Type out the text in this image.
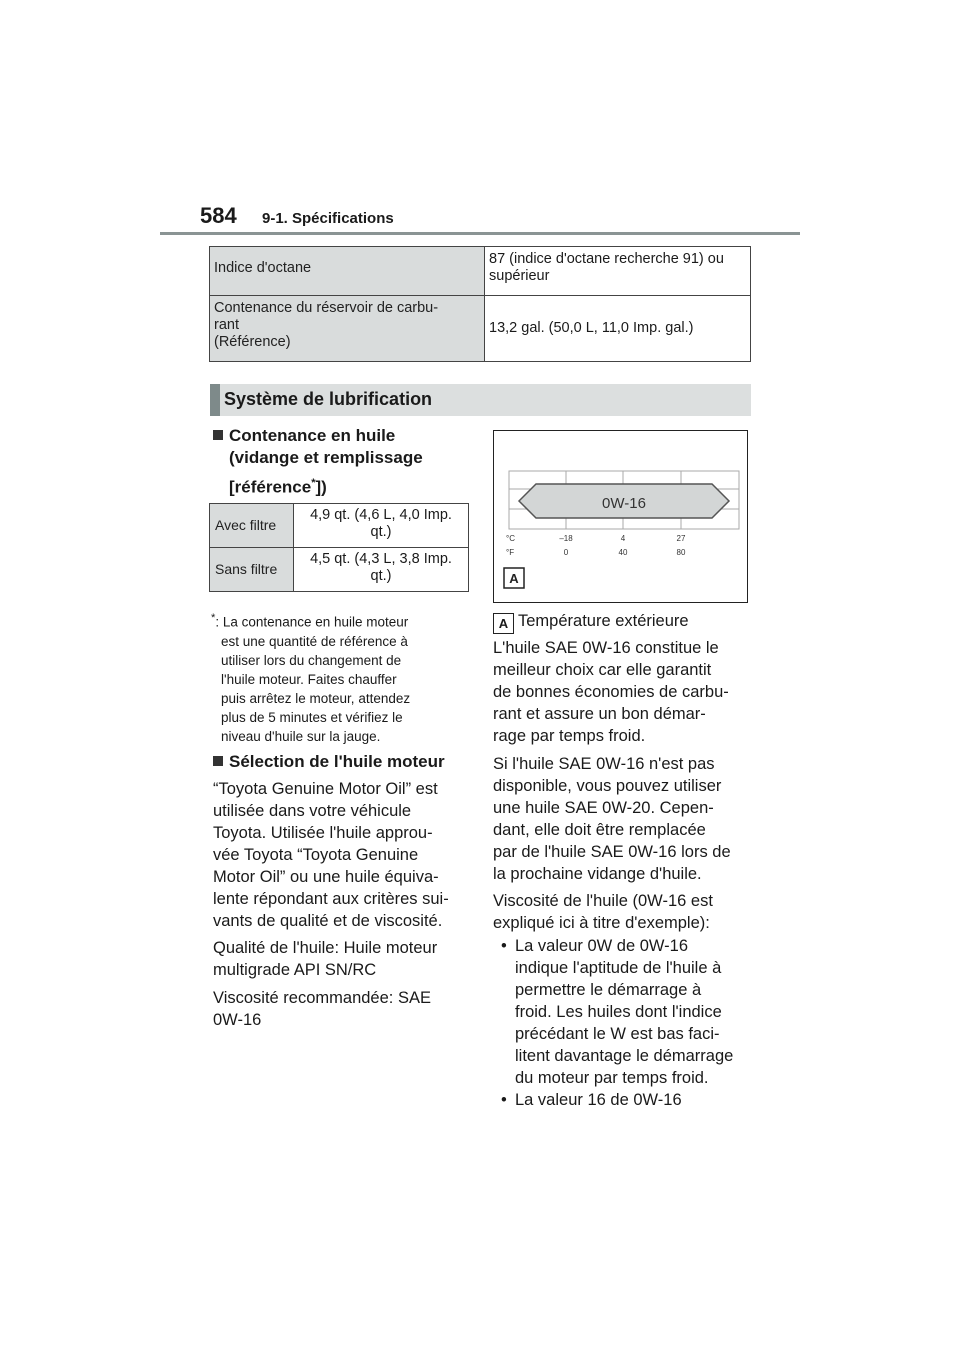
584 9-1. Spécifications
Indice d'octane	87 (indice d'octane recherche 91) ou
supérieur

Contenance du réservoir de carbu-
rant
(Référence)	13,2 gal. (50,0 L, 11,0 Imp. gal.)
Système de lubrification
Contenance en huile
(vidange et remplissage
[référence*])
Avec filtre	4,9 qt. (4,6 L, 4,0 Imp.
qt.)

Sans filtre	4,5 qt. (4,3 L, 3,8 Imp.
qt.)
*: La contenance en huile moteur
est une quantité de référence à
utiliser lors du changement de
l'huile moteur. Faites chauffer
puis arrêtez le moteur, attendez
plus de 5 minutes et vérifiez le
niveau d'huile sur la jauge.
Sélection de l'huile moteur
“Toyota Genuine Motor Oil” est
utilisée dans votre véhicule
Toyota. Utilisée l'huile approu-
vée Toyota “Toyota Genuine
Motor Oil” ou une huile équiva-
lente répondant aux critères sui-
vants de qualité et de viscosité.
Qualité de l'huile: Huile moteur
multigrade API SN/RC
Viscosité recommandée: SAE
0W-16
0W-16
°C	–18	4	27
°F	0	40	80
A
A Température extérieure
L'huile SAE 0W-16 constitue le
meilleur choix car elle garantit
de bonnes économies de carbu-
rant et assure un bon démar-
rage par temps froid.
Si l'huile SAE 0W-16 n'est pas
disponible, vous pouvez utiliser
une huile SAE 0W-20. Cepen-
dant, elle doit être remplacée
par de l'huile SAE 0W-16 lors de
la prochaine vidange d'huile.
Viscosité de l'huile (0W-16 est
expliqué ici à titre d'exemple):
• La valeur 0W de 0W-16
indique l'aptitude de l'huile à
permettre le démarrage à
froid. Les huiles dont l'indice
précédant le W est bas faci-
litent davantage le démarrage
du moteur par temps froid.
• La valeur 16 de 0W-16
